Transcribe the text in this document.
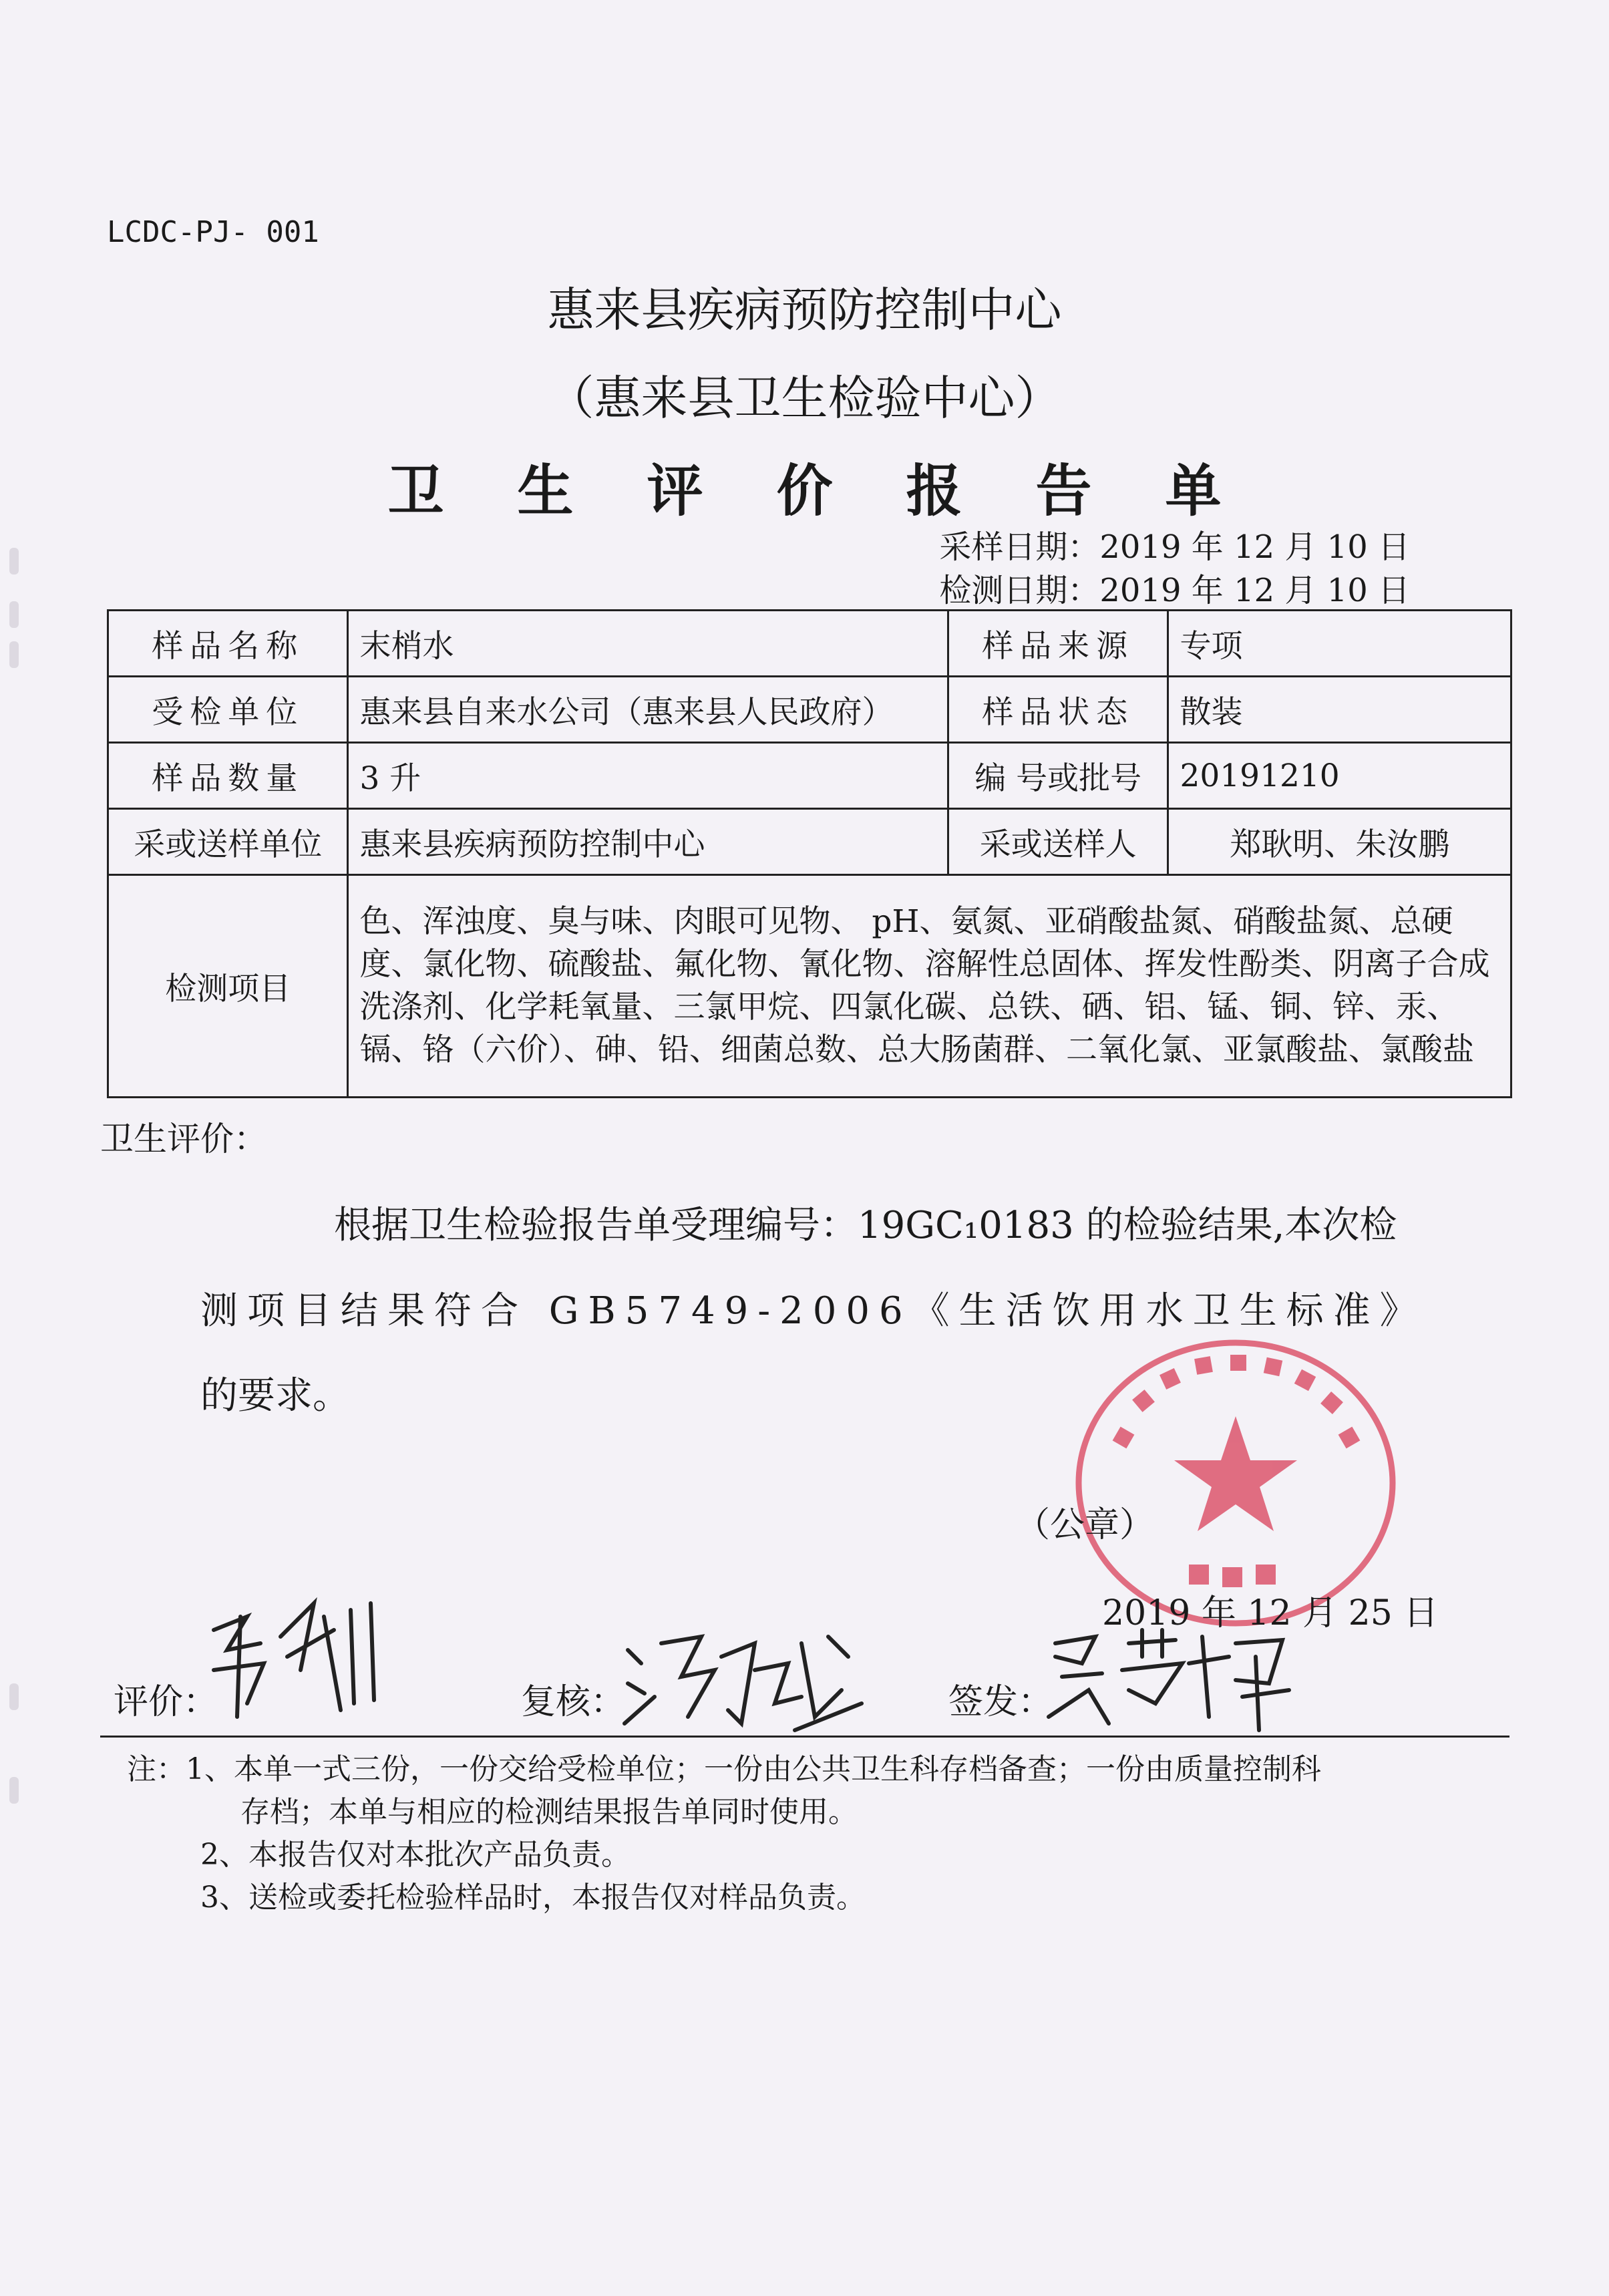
LCDC-PJ- 001
惠来县疾病预防控制中心
（惠来县卫生检验中心）
卫生评价报告单
采样日期：2019 年 12 月 10 日
检测日期：2019 年 12 月 10 日
样品名称	末梢水	样品来源	专项
受检单位	惠来县自来水公司（惠来县人民政府）	样品状态	散装
样品数量	3 升	编 号或批号	20191210
采或送样单位	惠来县疾病预防控制中心	采或送样人	郑耿明、朱汝鹏
检测项目	色、浑浊度、臭与味、肉眼可见物、 pH、氨氮、亚硝酸盐氮、硝酸盐氮、总硬度、氯化物、硫酸盐、氟化物、氰化物、溶解性总固体、挥发性酚类、阴离子合成洗涤剂、化学耗氧量、三氯甲烷、四氯化碳、总铁、硒、铝、锰、铜、锌、汞、镉、铬（六价）、砷、铅、细菌总数、总大肠菌群、二氧化氯、亚氯酸盐、氯酸盐		
卫生评价：
根据卫生检验报告单受理编号：19GC₁0183 的检验结果,本次检
测项目结果符合 GB5749-2006《生活饮用水卫生标准》
的要求。
（公章）
2019 年 12 月 25 日
评价：	复核：	签发：
注：1、本单一式三份，一份交给受检单位；一份由公共卫生科存档备查；一份由质量控制科
存档；本单与相应的检测结果报告单同时使用。
2、本报告仅对本批次产品负责。
3、送检或委托检验样品时，本报告仅对样品负责。
